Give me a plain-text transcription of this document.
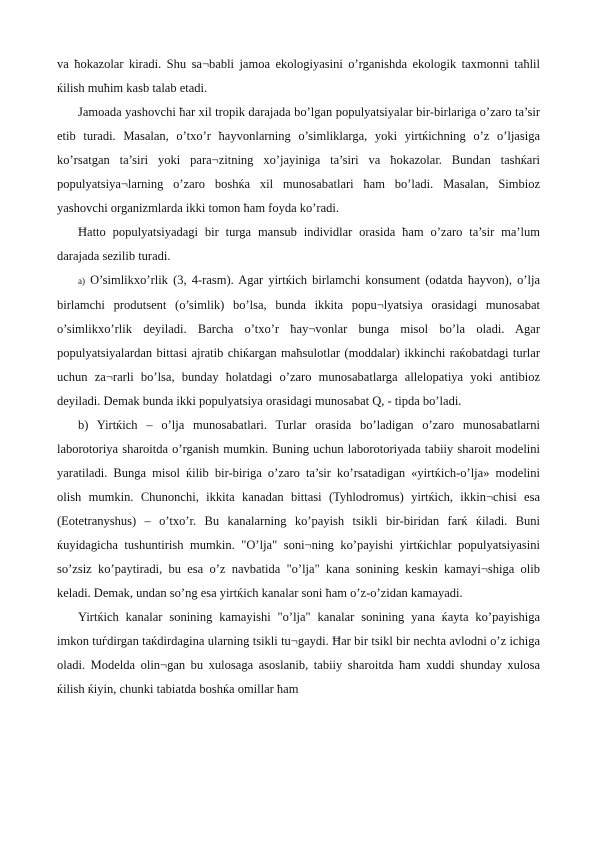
va ħokazolar kiradi. Shu sa¬babli jamoa ekologiyasini o’rganishda ekologik taxmonni taħlil ќilish muħim kasb talab etadi.

Jamoada yashovchi ħar xil tropik darajada bo’lgan populyatsiyalar bir-birlariga o’zaro ta’sir etib turadi. Masalan, o’txo’r ħayvonlarning o’simliklarga, yoki yirtќichning o’z o’ljasiga ko’rsatgan ta’siri yoki para¬zitning xo’jayiniga ta’siri va ħokazolar. Bundan tashќari populyatsiya¬larning o’zaro boshќa xil munosabatlari ħam bo’ladi. Masalan, Simbioz yashovchi organizmlarda ikki tomon ħam foyda ko’radi.

Ħatto populyatsiyadagi bir turga mansub individlar orasida ħam o’zaro ta’sir ma’lum darajada sezilib turadi.

a) O’simlikxo’rlik (3, 4-rasm). Agar yirtќich birlamchi konsument (odatda ħayvon), o’lja birlamchi produtsent (o’simlik) bo’lsa, bunda ikkita popu¬lyatsiya orasidagi munosabat o’simlikxo’rlik deyiladi. Barcha o’txo’r ħay¬vonlar bunga misol bo’la oladi. Agar populyatsiyalardan bittasi ajratib chiќargan maħsulotlar (moddalar) ikkinchi raќobatdagi turlar uchun za¬rarli bo’lsa, bunday ħolatdagi o’zaro munosabatlarga allelopatiya yoki antibioz deyiladi. Demak bunda ikki populyatsiya orasidagi munosabat Q, - tipda bo’ladi.

b) Yirtќich – o’lja munosabatlari. Turlar orasida bo’ladigan o’zaro munosabatlarni laborotoriya sharoitda o’rganish mumkin. Buning uchun laborotoriyada tabiiy sharoit modelini yaratiladi. Bunga misol ќilib bir-biriga o’zaro ta’sir ko’rsatadigan «yirtќich-o’lja» modelini olish mumkin. Chunonchi, ikkita kanadan bittasi (Tyhlodromus) yirtќich, ikkin¬chisi esa (Eotetranyshus) – o’txo’r. Bu kanalarning ko’payish tsikli bir-biridan farќ ќiladi. Buni ќuyidagicha tushuntirish mumkin. "O’lja" soni¬ning ko’payishi yirtќichlar populyatsiyasini so’zsiz ko’paytiradi, bu esa o’z navbatida "o’lja" kana sonining keskin kamayi¬shiga olib keladi. Demak, undan so’ng esa yirtќich kanalar soni ħam o’z-o’zidan kamayadi.

Yirtќich kanalar sonining kamayishi "o’lja" kanalar sonining yana ќayta ko’payishiga imkon tuѓdirgan taќdirdagina ularning tsikli tu¬gaydi. Ħar bir tsikl bir nechta avlodni o’z ichiga oladi. Modelda olin¬gan bu xulosaga asoslanib, tabiiy sharoitda ħam xuddi shunday xulosa ќilish ќiyin, chunki tabiatda boshќa omillar ħam
